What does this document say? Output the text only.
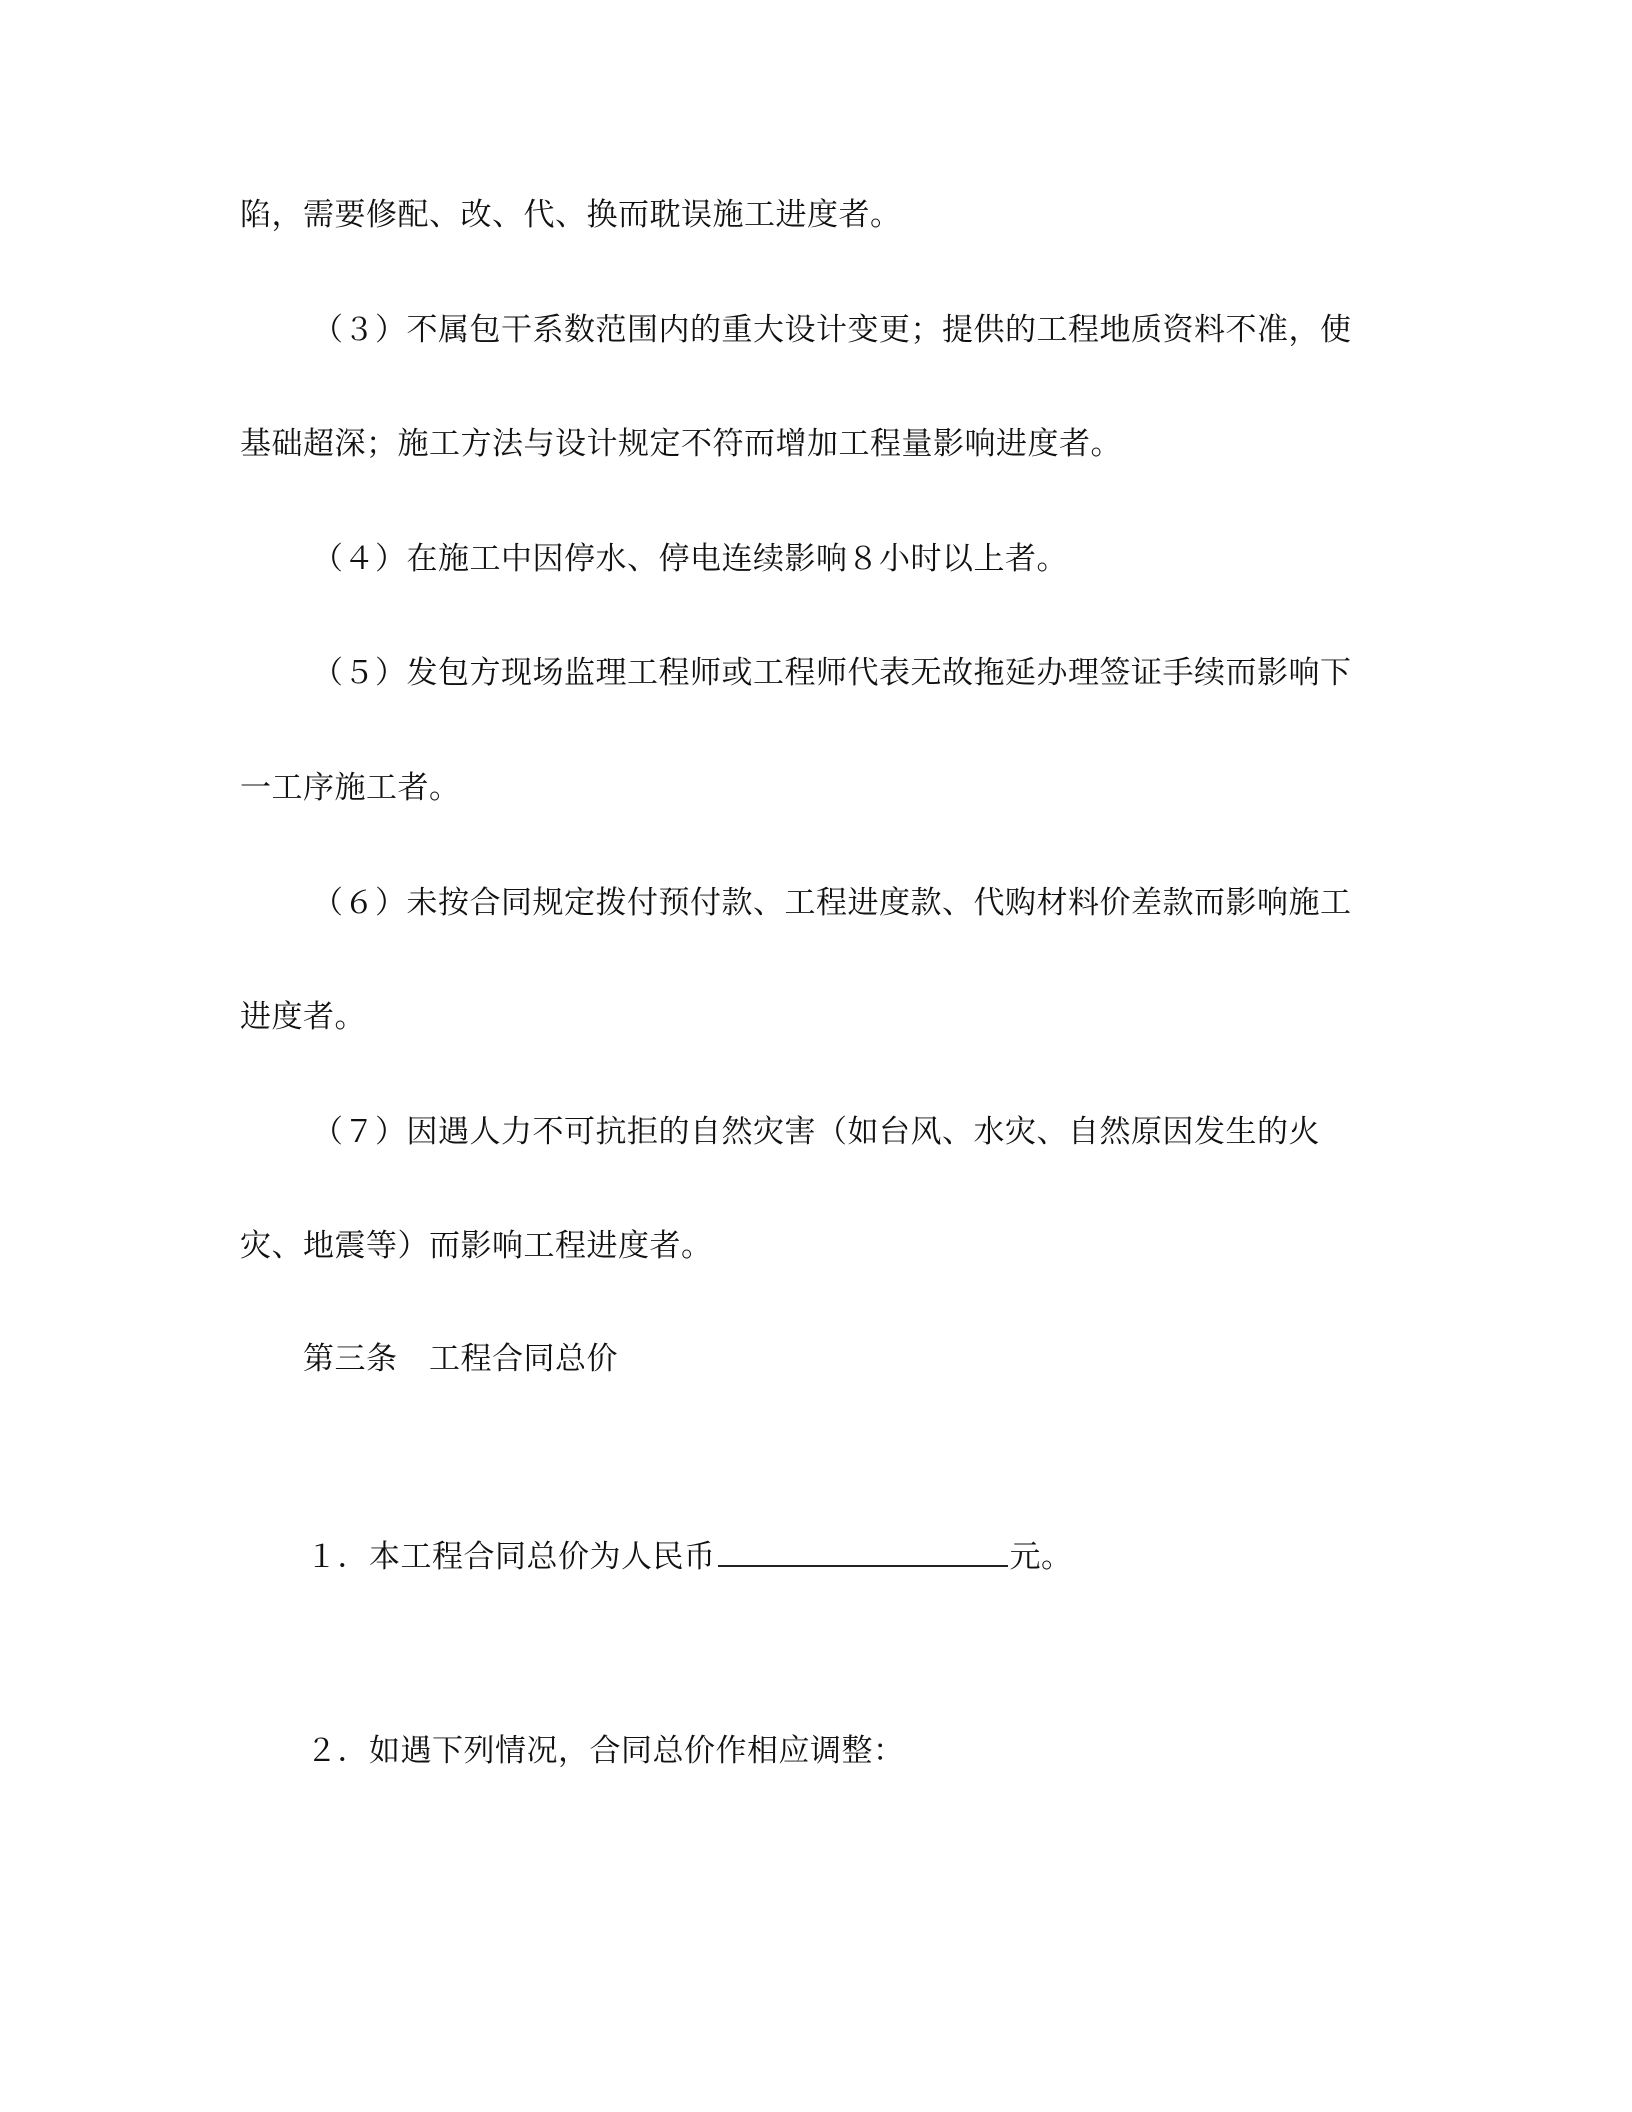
陷，需要修配、改、代、换而耽误施工进度者。
（３）不属包干系数范围内的重大设计变更；提供的工程地质资料不准，使
基础超深；施工方法与设计规定不符而增加工程量影响进度者。
（４）在施工中因停水、停电连续影响８小时以上者。
（５）发包方现场监理工程师或工程师代表无故拖延办理签证手续而影响下
一工序施工者。
（６）未按合同规定拨付预付款、工程进度款、代购材料价差款而影响施工
进度者。
（７）因遇人力不可抗拒的自然灾害（如台风、水灾、自然原因发生的火
灾、地震等）而影响工程进度者。
第三条　工程合同总价
１．本工程合同总价为人民币	元。
２．如遇下列情况，合同总价作相应调整：
